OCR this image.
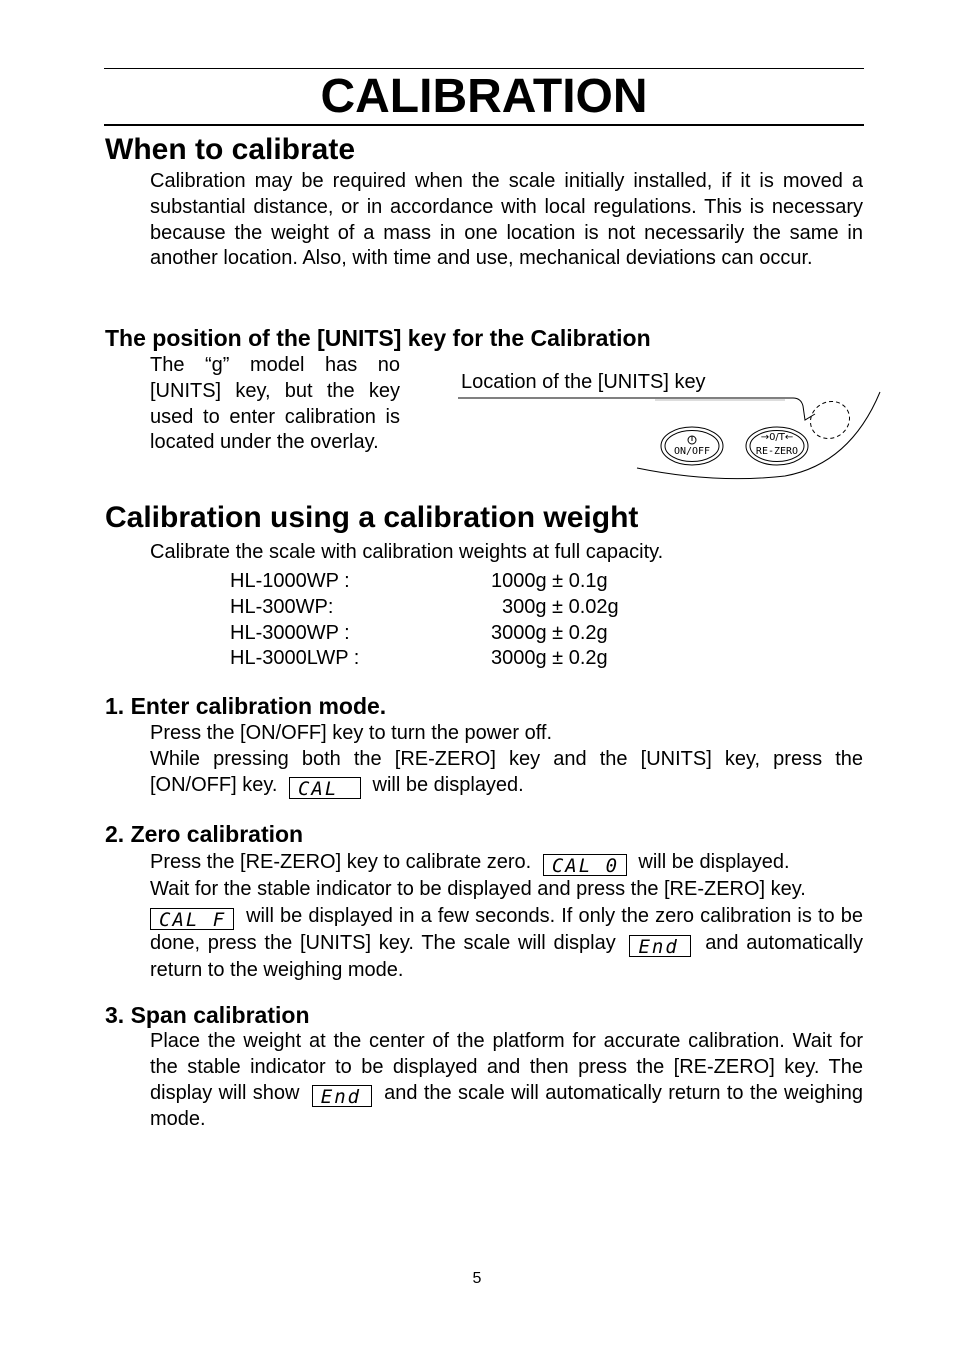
CALIBRATION
When to calibrate
Calibration may be required when the scale initially installed, if it is moved a substantial distance, or in accordance with local regulations. This is necessary because the weight of a mass in one location is not necessarily the same in another location. Also, with time and use, mechanical deviations can occur.
The position of the [UNITS] key for the Calibration
The “g” model has no [UNITS] key, but the key used to enter calibration is located under the overlay.
Location of the [UNITS] key
ON/OFF
→0/T←
RE-ZERO
Calibration using a calibration weight
Calibrate the scale with calibration weights at full capacity.
HL-1000WP :	1000g ± 0.1g
HL-300WP:	300g ± 0.02g
HL-3000WP :	3000g ± 0.2g
HL-3000LWP :	3000g ± 0.2g
1. Enter calibration mode.
Press the [ON/OFF] key to turn the power off.
While pressing both the [RE-ZERO] key and the [UNITS] key, press the [ON/OFF] key. CAL will be displayed.
2. Zero calibration
Press the [RE-ZERO] key to calibrate zero. CAL 0 will be displayed.
Wait for the stable indicator to be displayed and press the [RE-ZERO] key.
CAL F will be displayed in a few seconds. If only the zero calibration is to be done, press the [UNITS] key. The scale will display End and automatically return to the weighing mode.
3. Span calibration
Place the weight at the center of the platform for accurate calibration. Wait for the stable indicator to be displayed and then press the [RE-ZERO] key. The display will show End and the scale will automatically return to the weighing mode.
5
